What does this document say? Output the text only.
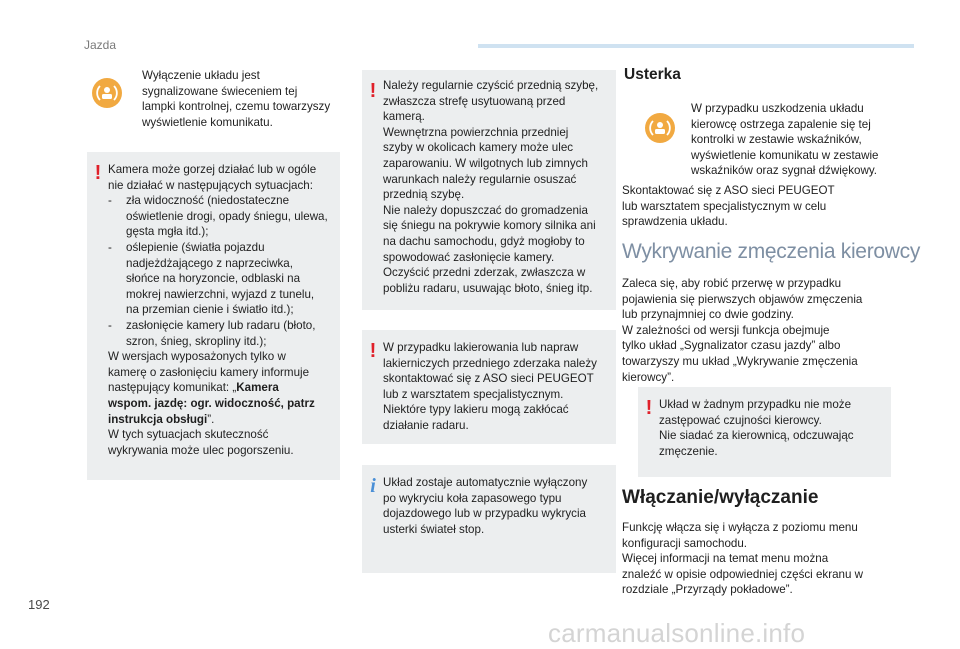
Jazda
Wyłączenie układu jest
sygnalizowane świeceniem tej
lampki kontrolnej, czemu towarzyszy
wyświetlenie komunikatu.
! Kamera może gorzej działać lub w ogóle
nie działać w następujących sytuacjach:
-	zła widoczność (niedostateczne
oświetlenie drogi, opady śniegu, ulewa,
gęsta mgła itd.);
-	oślepienie (światła pojazdu
nadjeżdżającego z naprzeciwka,
słońce na horyzoncie, odblaski na
mokrej nawierzchni, wyjazd z tunelu,
na przemian cienie i światło itd.);
-	zasłonięcie kamery lub radaru (błoto,
szron, śnieg, skropliny itd.);
W wersjach wyposażonych tylko w
kamerę o zasłonięciu kamery informuje
następujący komunikat: „Kamera
wspom. jazdę: ogr. widoczność, patrz
instrukcja obsługi”.
W tych sytuacjach skuteczność
wykrywania może ulec pogorszeniu.
! Należy regularnie czyścić przednią szybę,
zwłaszcza strefę usytuowaną przed
kamerą.
Wewnętrzna powierzchnia przedniej
szyby w okolicach kamery może ulec
zaparowaniu. W wilgotnych lub zimnych
warunkach należy regularnie osuszać
przednią szybę.
Nie należy dopuszczać do gromadzenia
się śniegu na pokrywie komory silnika ani
na dachu samochodu, gdyż mogłoby to
spowodować zasłonięcie kamery.
Oczyścić przedni zderzak, zwłaszcza w
pobliżu radaru, usuwając błoto, śnieg itp.
! W przypadku lakierowania lub napraw
lakierniczych przedniego zderzaka należy
skontaktować się z ASO sieci PEUGEOT
lub z warsztatem specjalistycznym.
Niektóre typy lakieru mogą zakłócać
działanie radaru.
i Układ zostaje automatycznie wyłączony
po wykryciu koła zapasowego typu
dojazdowego lub w przypadku wykrycia
usterki świateł stop.
Usterka
W przypadku uszkodzenia układu
kierowcę ostrzega zapalenie się tej
kontrolki w zestawie wskaźników,
wyświetlenie komunikatu w zestawie
wskaźników oraz sygnał dźwiękowy.
Skontaktować się z ASO sieci PEUGEOT
lub warsztatem specjalistycznym w celu
sprawdzenia układu.
Wykrywanie zmęczenia kierowcy
Zaleca się, aby robić przerwę w przypadku
pojawienia się pierwszych objawów zmęczenia
lub przynajmniej co dwie godziny.
W zależności od wersji funkcja obejmuje
tylko układ „Sygnalizator czasu jazdy” albo
towarzyszy mu układ „Wykrywanie zmęczenia
kierowcy”.
! Układ w żadnym przypadku nie może
zastępować czujności kierowcy.
Nie siadać za kierownicą, odczuwając
zmęczenie.
Włączanie/wyłączanie
Funkcję włącza się i wyłącza z poziomu menu
konfiguracji samochodu.
Więcej informacji na temat menu można
znaleźć w opisie odpowiedniej części ekranu w
rozdziale „Przyrządy pokładowe”.
192
carmanualsonline.info
